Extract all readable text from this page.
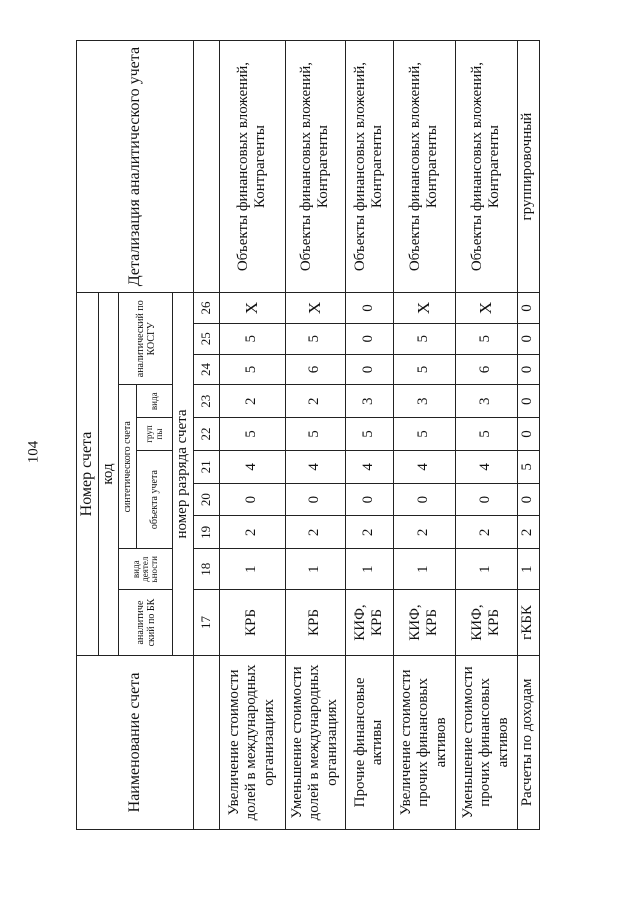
104
Наименование счета	Номер счета										Детализация аналитического учета
	код										
	аналитиче ский по БК	вида деятел ьности	синтетического счета					аналитический по КОСГУ			
			объекта учета			груп пы	вида				

	номер разряда счета										
	17	18	19	20	21	22	23	24	25	26	
Увеличение стоимости долей в международных организациях	КРБ	1	2	0	4	5	2	5	5	X	Объекты финансовых вложений, Контрагенты
Уменьшение стоимости долей в международных организациях	КРБ	1	2	0	4	5	2	6	5	X	Объекты финансовых вложений, Контрагенты
Прочие финансовые активы	КИФ, КРБ	1	2	0	4	5	3	0	0	0	Объекты финансовых вложений, Контрагенты
Увеличение стоимости прочих финансовых активов	КИФ, КРБ	1	2	0	4	5	3	5	5	X	Объекты финансовых вложений, Контрагенты
Уменьшение стоимости прочих финансовых активов	КИФ, КРБ	1	2	0	4	5	3	6	5	X	Объекты финансовых вложений, Контрагенты
Расчеты по доходам	гКБК	1	2	0	5	0	0	0	0	0	группировочный
